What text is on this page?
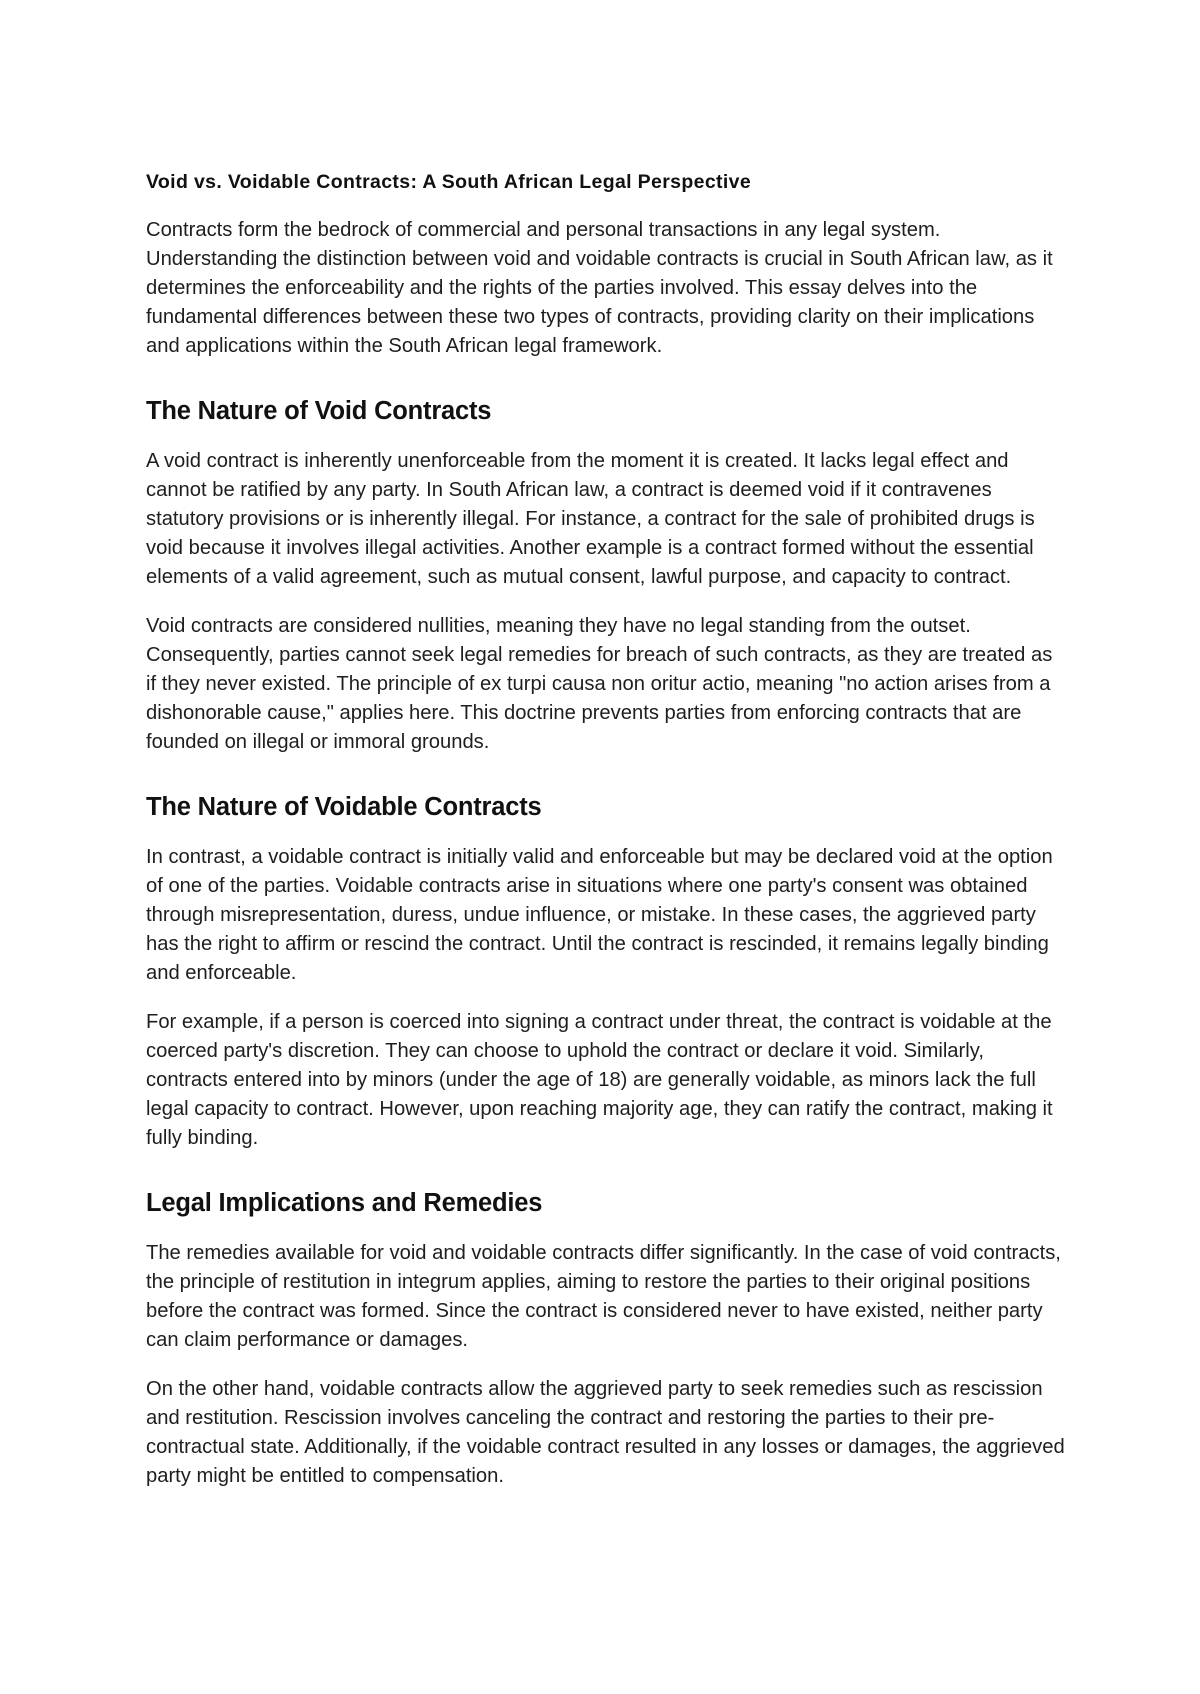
Void vs. Voidable Contracts: A South African Legal Perspective

Contracts form the bedrock of commercial and personal transactions in any legal system. Understanding the distinction between void and voidable contracts is crucial in South African law, as it determines the enforceability and the rights of the parties involved. This essay delves into the fundamental differences between these two types of contracts, providing clarity on their implications and applications within the South African legal framework.

The Nature of Void Contracts

A void contract is inherently unenforceable from the moment it is created. It lacks legal effect and cannot be ratified by any party. In South African law, a contract is deemed void if it contravenes statutory provisions or is inherently illegal. For instance, a contract for the sale of prohibited drugs is void because it involves illegal activities. Another example is a contract formed without the essential elements of a valid agreement, such as mutual consent, lawful purpose, and capacity to contract.

Void contracts are considered nullities, meaning they have no legal standing from the outset. Consequently, parties cannot seek legal remedies for breach of such contracts, as they are treated as if they never existed. The principle of ex turpi causa non oritur actio, meaning "no action arises from a dishonorable cause," applies here. This doctrine prevents parties from enforcing contracts that are founded on illegal or immoral grounds.

The Nature of Voidable Contracts

In contrast, a voidable contract is initially valid and enforceable but may be declared void at the option of one of the parties. Voidable contracts arise in situations where one party's consent was obtained through misrepresentation, duress, undue influence, or mistake. In these cases, the aggrieved party has the right to affirm or rescind the contract. Until the contract is rescinded, it remains legally binding and enforceable.

For example, if a person is coerced into signing a contract under threat, the contract is voidable at the coerced party's discretion. They can choose to uphold the contract or declare it void. Similarly, contracts entered into by minors (under the age of 18) are generally voidable, as minors lack the full legal capacity to contract. However, upon reaching majority age, they can ratify the contract, making it fully binding.

Legal Implications and Remedies

The remedies available for void and voidable contracts differ significantly. In the case of void contracts, the principle of restitution in integrum applies, aiming to restore the parties to their original positions before the contract was formed. Since the contract is considered never to have existed, neither party can claim performance or damages.

On the other hand, voidable contracts allow the aggrieved party to seek remedies such as rescission and restitution. Rescission involves canceling the contract and restoring the parties to their pre-contractual state. Additionally, if the voidable contract resulted in any losses or damages, the aggrieved party might be entitled to compensation.
